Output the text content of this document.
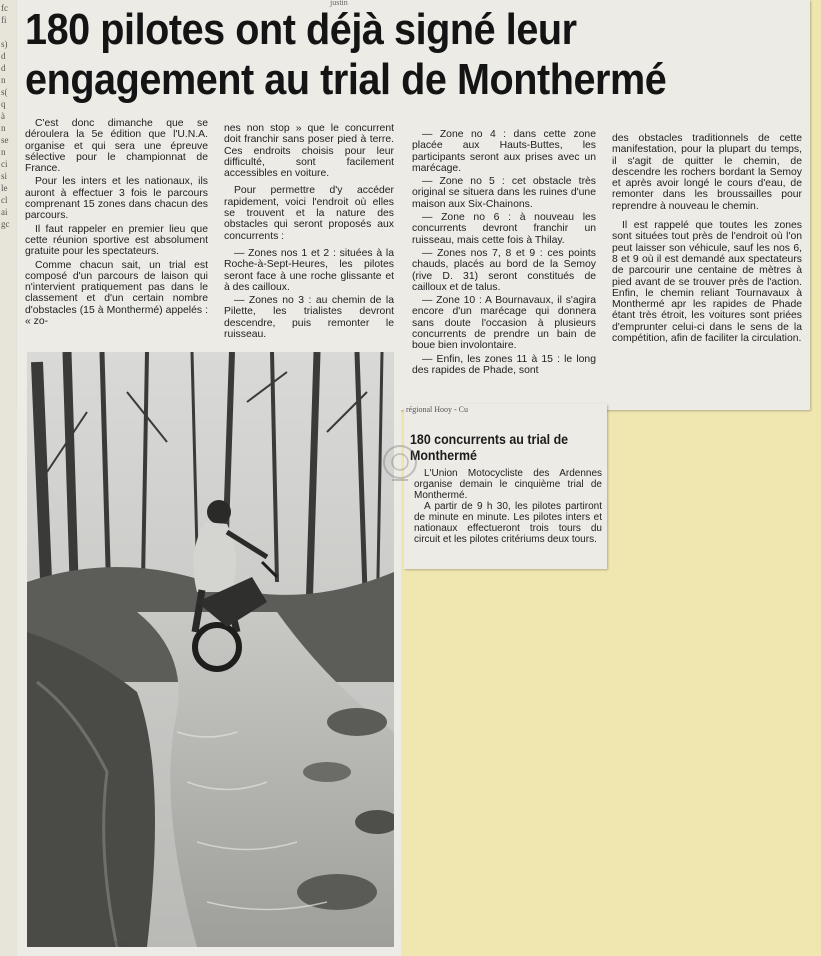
fc
fi
s)
d
d
n
s(
q
à
n
se
n
ci
si
le
cl
ai
gc
justin
180 pilotes ont déjà signé leur
engagement au trial de Monthermé

C'est donc dimanche que se déroulera la 5e édition que l'U.N.A. organise et qui sera une épreuve sélective pour le championnat de France.

Pour les inters et les nationaux, ils auront à effectuer 3 fois le parcours comprenant 15 zones dans chacun des parcours.

Il faut rappeler en premier lieu que cette réunion sportive est absolument gratuite pour les spectateurs.

Comme chacun sait, un trial est composé d'un parcours de laison qui n'intervient pratiquement pas dans le classement et d'un certain nombre d'obstacles (15 à Monthermé) appelés : « zo-

nes non stop » que le concurrent doit franchir sans poser pied à terre. Ces endroits choisis pour leur difficulté, sont facilement accessibles en voiture.

Pour permettre d'y accéder rapidement, voici l'endroit où elles se trouvent et la nature des obstacles qui seront proposés aux concurrents :

— Zones nos 1 et 2 : situées à la Roche-à-Sept-Heures, les pilotes seront face à une roche glissante et à des cailloux.

— Zones no 3 : au chemin de la Pilette, les trialistes devront descendre, puis remonter le ruisseau.

— Zone no 4 : dans cette zone placée aux Hauts-Buttes, les participants seront aux prises avec un marécage.

— Zone no 5 : cet obstacle très original se situera dans les ruines d'une maison aux Six-Chainons.

— Zone no 6 : à nouveau les concurrents devront franchir un ruisseau, mais cette fois à Thilay.

— Zones nos 7, 8 et 9 : ces points chauds, placés au bord de la Semoy (rive D. 31) seront constitués de cailloux et de talus.

— Zone 10 : A Bournavaux, il s'agira encore d'un marécage qui donnera sans doute l'occasion à plusieurs concurrents de prendre un bain de boue bien involontaire.

— Enfin, les zones 11 à 15 : le long des rapides de Phade, sont

des obstacles traditionnels de cette manifestation, pour la plupart du temps, il s'agit de quitter le chemin, de descendre les rochers bordant la Semoy et après avoir longé le cours d'eau, de remonter dans les broussailles pour reprendre à nouveau le chemin.

Il est rappelé que toutes les zones sont situées tout près de l'endroit où l'on peut laisser son véhicule, sauf les nos 6, 8 et 9 où il est demandé aux spectateurs de parcourir une centaine de mètres à pied avant de se trouver près de l'action. Enfin, le chemin reliant Tournavaux à Monthermé apr les rapides de Phade étant très étroit, les voitures sont priées d'emprunter celui-ci dans le sens de la compétition, afin de faciliter la circulation.

régional Hooy - Cu
180 concurrents au trial de Monthermé

L'Union Motocycliste des Ardennes organise demain le cinquième trial de Monthermé.

A partir de 9 h 30, les pilotes partiront de minute en minute. Les pilotes inters et nationaux effectueront trois tours du circuit et les pilotes critériums deux tours.

so u
